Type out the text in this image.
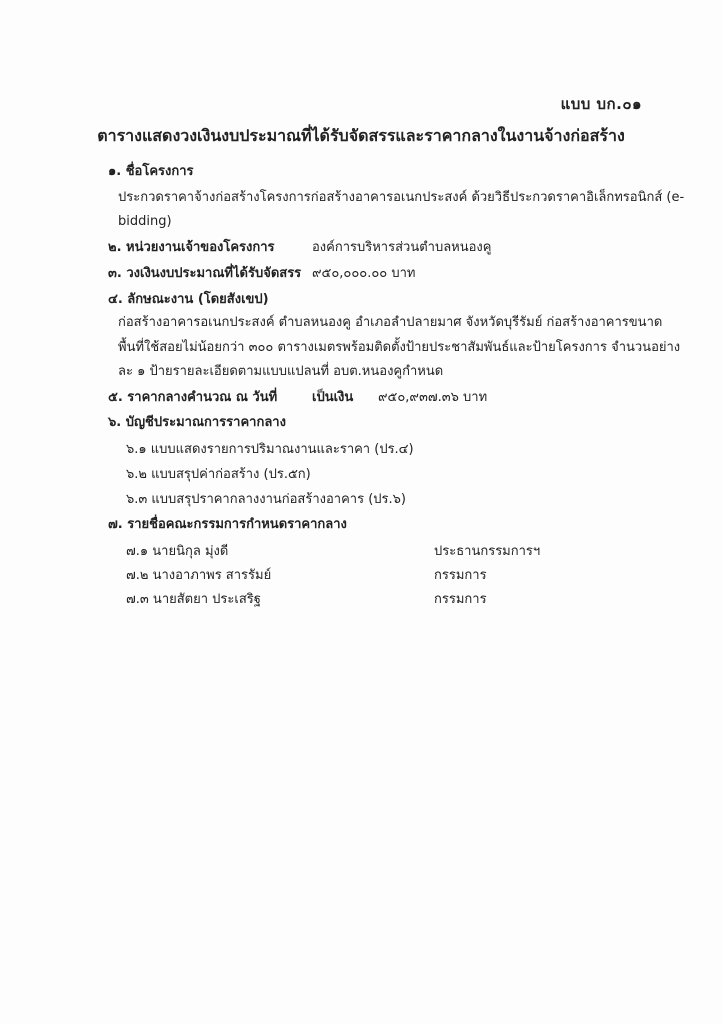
แบบ บก.๐๑
ตารางแสดงวงเงินงบประมาณที่ได้รับจัดสรรและราคากลางในงานจ้างก่อสร้าง
๑. ชื่อโครงการ
ประกวดราคาจ้างก่อสร้างโครงการก่อสร้างอาคารอเนกประสงค์ ด้วยวิธีประกวดราคาอิเล็กทรอนิกส์ (e-
bidding)
๒. หน่วยงานเจ้าของโครงการ	องค์การบริหารส่วนตำบลหนองคู
๓. วงเงินงบประมาณที่ได้รับจัดสรร ๙๕๐,๐๐๐.๐๐ บาท
๔. ลักษณะงาน (โดยสังเขป)
ก่อสร้างอาคารอเนกประสงค์ ตำบลหนองคู อำเภอลำปลายมาศ จังหวัดบุรีรัมย์ ก่อสร้างอาคารขนาด
พื้นที่ใช้สอยไม่น้อยกว่า ๓๐๐ ตารางเมตรพร้อมติดตั้งป้ายประชาสัมพันธ์และป้ายโครงการ จำนวนอย่าง
ละ ๑ ป้ายรายละเอียดตามแบบแปลนที่ อบต.หนองคูกำหนด
๕. ราคากลางคำนวณ ณ วันที่	เป็นเงิน ๙๕๐,๙๓๗.๓๖ บาท
๖. บัญชีประมาณการราคากลาง
๖.๑ แบบแสดงรายการปริมาณงานและราคา (ปร.๔)
๖.๒ แบบสรุปค่าก่อสร้าง (ปร.๕ก)
๖.๓ แบบสรุปราคากลางงานก่อสร้างอาคาร (ปร.๖)
๗. รายชื่อคณะกรรมการกำหนดราคากลาง
๗.๑ นายนิกุล มุ่งดี	ประธานกรรมการฯ
๗.๒ นางอาภาพร สารรัมย์	กรรมการ
๗.๓ นายสัตยา ประเสริฐ	กรรมการ
